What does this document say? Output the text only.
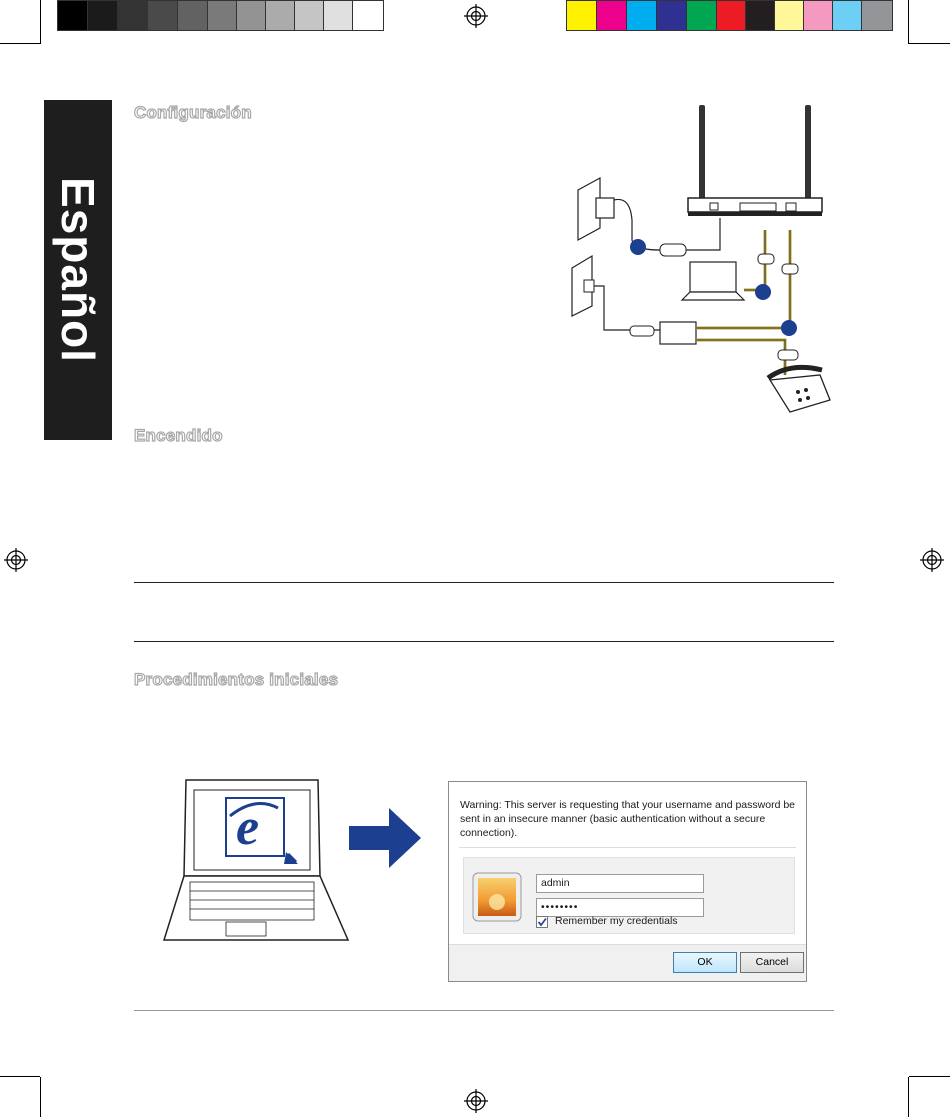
Español
Configuración
Encendido
Procedimientos iniciales
e	Warning: This server is requesting that your username and password be sent in an insecure manner (basic authentication without a secure connection).
admin
••••••••
Remember my credentials
OK	Cancel
